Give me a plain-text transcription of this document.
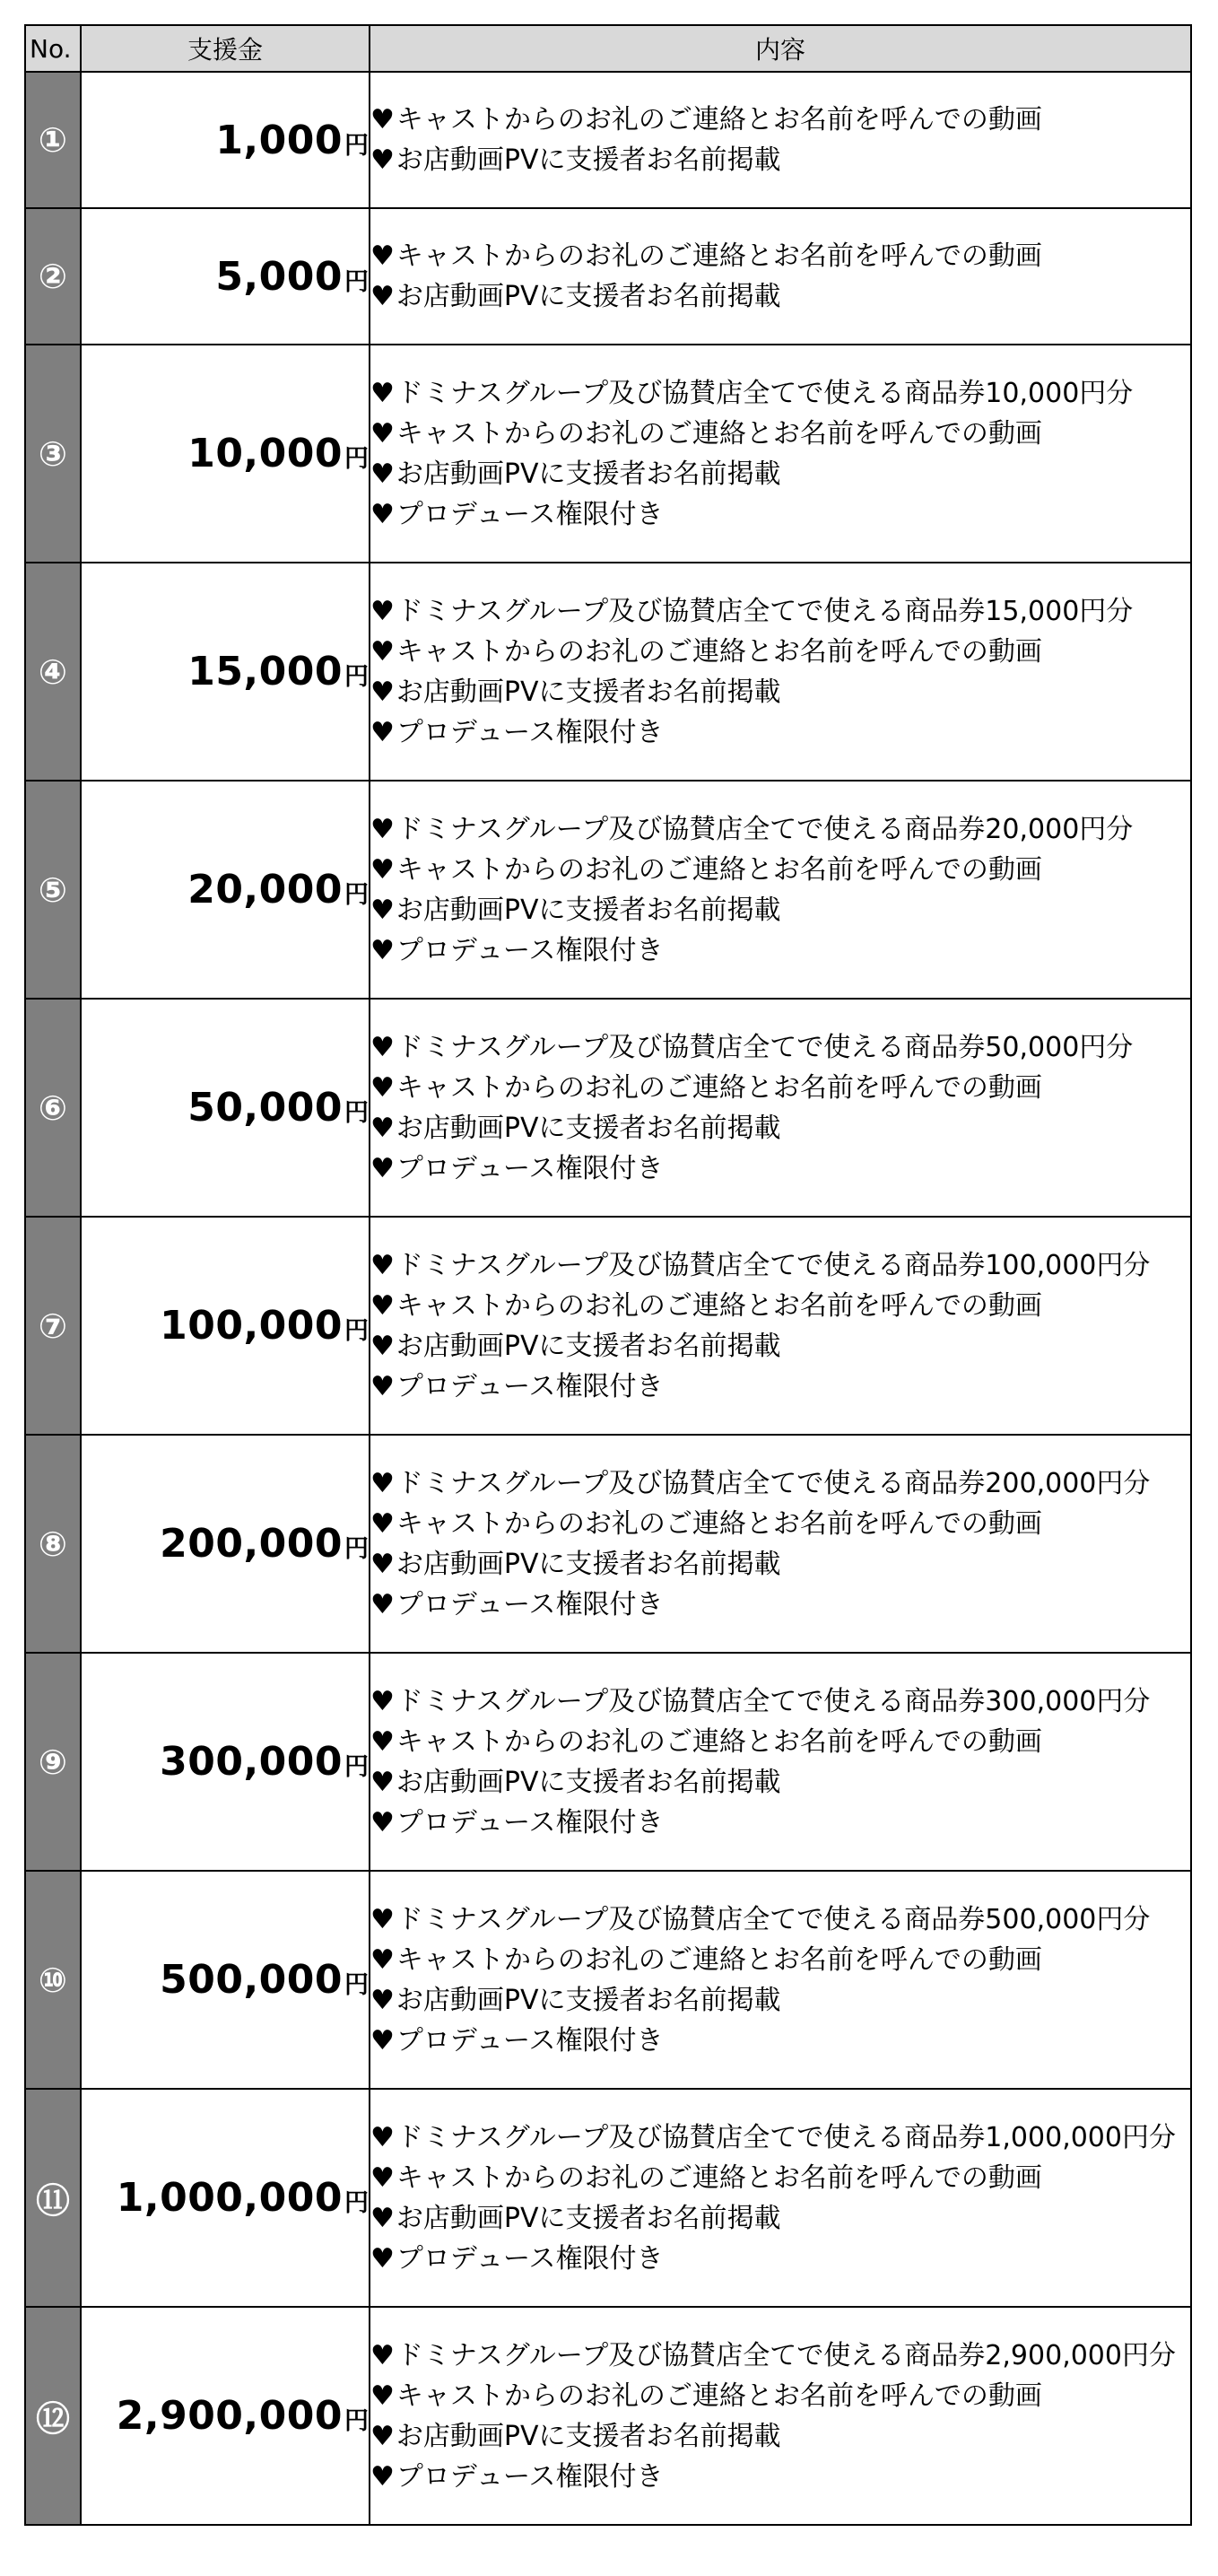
No.	支援金	内容
①	1,000円	♥キャストからのお礼のご連絡とお名前を呼んでの動画
♥お店動画PVに支援者お名前掲載

②	5,000円	♥キャストからのお礼のご連絡とお名前を呼んでの動画
♥お店動画PVに支援者お名前掲載

③	10,000円	♥ドミナスグループ及び協賛店全てで使える商品券10,000円分
♥キャストからのお礼のご連絡とお名前を呼んでの動画
♥お店動画PVに支援者お名前掲載
♥プロデュース権限付き

④	15,000円	♥ドミナスグループ及び協賛店全てで使える商品券15,000円分
♥キャストからのお礼のご連絡とお名前を呼んでの動画
♥お店動画PVに支援者お名前掲載
♥プロデュース権限付き

⑤	20,000円	♥ドミナスグループ及び協賛店全てで使える商品券20,000円分
♥キャストからのお礼のご連絡とお名前を呼んでの動画
♥お店動画PVに支援者お名前掲載
♥プロデュース権限付き

⑥	50,000円	♥ドミナスグループ及び協賛店全てで使える商品券50,000円分
♥キャストからのお礼のご連絡とお名前を呼んでの動画
♥お店動画PVに支援者お名前掲載
♥プロデュース権限付き

⑦	100,000円	♥ドミナスグループ及び協賛店全てで使える商品券100,000円分
♥キャストからのお礼のご連絡とお名前を呼んでの動画
♥お店動画PVに支援者お名前掲載
♥プロデュース権限付き

⑧	200,000円	♥ドミナスグループ及び協賛店全てで使える商品券200,000円分
♥キャストからのお礼のご連絡とお名前を呼んでの動画
♥お店動画PVに支援者お名前掲載
♥プロデュース権限付き

⑨	300,000円	♥ドミナスグループ及び協賛店全てで使える商品券300,000円分
♥キャストからのお礼のご連絡とお名前を呼んでの動画
♥お店動画PVに支援者お名前掲載
♥プロデュース権限付き

⑩	500,000円	♥ドミナスグループ及び協賛店全てで使える商品券500,000円分
♥キャストからのお礼のご連絡とお名前を呼んでの動画
♥お店動画PVに支援者お名前掲載
♥プロデュース権限付き

⑪	1,000,000円	♥ドミナスグループ及び協賛店全てで使える商品券1,000,000円分
♥キャストからのお礼のご連絡とお名前を呼んでの動画
♥お店動画PVに支援者お名前掲載
♥プロデュース権限付き

⑫	2,900,000円	♥ドミナスグループ及び協賛店全てで使える商品券2,900,000円分
♥キャストからのお礼のご連絡とお名前を呼んでの動画
♥お店動画PVに支援者お名前掲載
♥プロデュース権限付き
